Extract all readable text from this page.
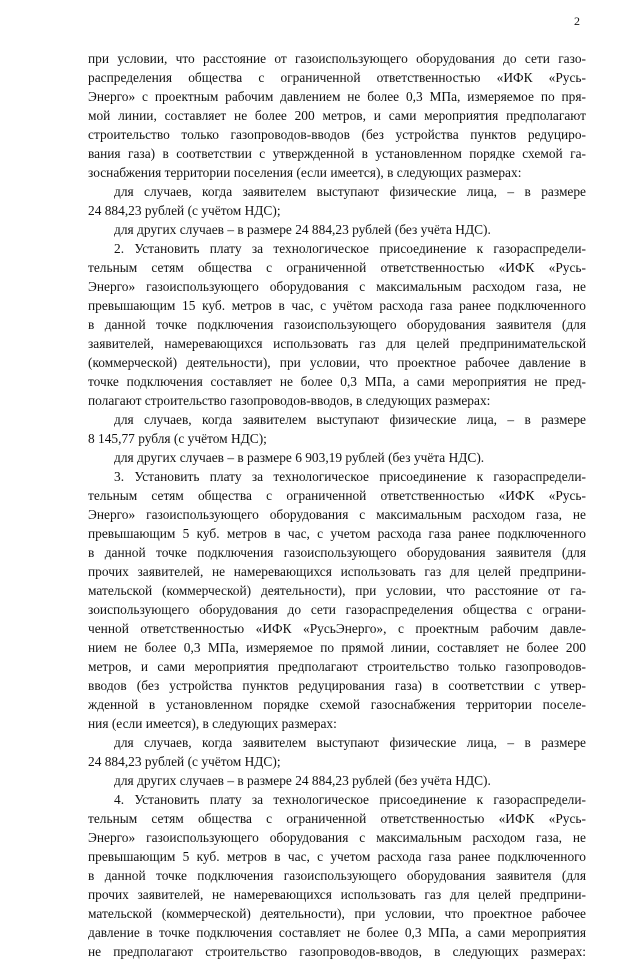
2
при условии, что расстояние от газоиспользующего оборудования до сети газо-
распределения общества с ограниченной ответственностью «ИФК «Русь-
Энерго» с проектным рабочим давлением не более 0,3 МПа, измеряемое по пря-
мой линии, составляет не более 200 метров, и сами мероприятия предполагают
строительство только газопроводов-вводов (без устройства пунктов редуциро-
вания газа) в соответствии с утвержденной в установленном порядке схемой га-
зоснабжения территории поселения (если имеется), в следующих размерах:
для случаев, когда заявителем выступают физические лица, – в размере
24 884,23 рублей (с учётом НДС);
для других случаев – в размере 24 884,23 рублей (без учёта НДС).
2. Установить плату за технологическое присоединение к газораспредели-
тельным сетям общества с ограниченной ответственностью «ИФК «Русь-
Энерго» газоиспользующего оборудования с максимальным расходом газа, не
превышающим 15 куб. метров в час, с учётом расхода газа ранее подключенного
в данной точке подключения газоиспользующего оборудования заявителя (для
заявителей, намеревающихся использовать газ для целей предпринимательской
(коммерческой) деятельности), при условии, что проектное рабочее давление в
точке подключения составляет не более 0,3 МПа, а сами мероприятия не пред-
полагают строительство газопроводов-вводов, в следующих размерах:
для случаев, когда заявителем выступают физические лица, – в размере
8 145,77 рубля (с учётом НДС);
для других случаев – в размере 6 903,19 рублей (без учёта НДС).
3. Установить плату за технологическое присоединение к газораспредели-
тельным сетям общества с ограниченной ответственностью «ИФК «Русь-
Энерго» газоиспользующего оборудования с максимальным расходом газа, не
превышающим 5 куб. метров в час, с учетом расхода газа ранее подключенного
в данной точке подключения газоиспользующего оборудования заявителя (для
прочих заявителей, не намеревающихся использовать газ для целей предприни-
мательской (коммерческой) деятельности), при условии, что расстояние от га-
зоиспользующего оборудования до сети газораспределения общества с ограни-
ченной ответственностью «ИФК «РусьЭнерго», с проектным рабочим давле-
нием не более 0,3 МПа, измеряемое по прямой линии, составляет не более 200
метров, и сами мероприятия предполагают строительство только газопроводов-
вводов (без устройства пунктов редуцирования газа) в соответствии с утвер-
жденной в установленном порядке схемой газоснабжения территории поселе-
ния (если имеется), в следующих размерах:
для случаев, когда заявителем выступают физические лица, – в размере
24 884,23 рублей (с учётом НДС);
для других случаев – в размере 24 884,23 рублей (без учёта НДС).
4. Установить плату за технологическое присоединение к газораспредели-
тельным сетям общества с ограниченной ответственностью «ИФК «Русь-
Энерго» газоиспользующего оборудования с максимальным расходом газа, не
превышающим 5 куб. метров в час, с учетом расхода газа ранее подключенного
в данной точке подключения газоиспользующего оборудования заявителя (для
прочих заявителей, не намеревающихся использовать газ для целей предприни-
мательской (коммерческой) деятельности), при условии, что проектное рабочее
давление в точке подключения составляет не более 0,3 МПа, а сами мероприятия
не предполагают строительство газопроводов-вводов, в следующих размерах:
